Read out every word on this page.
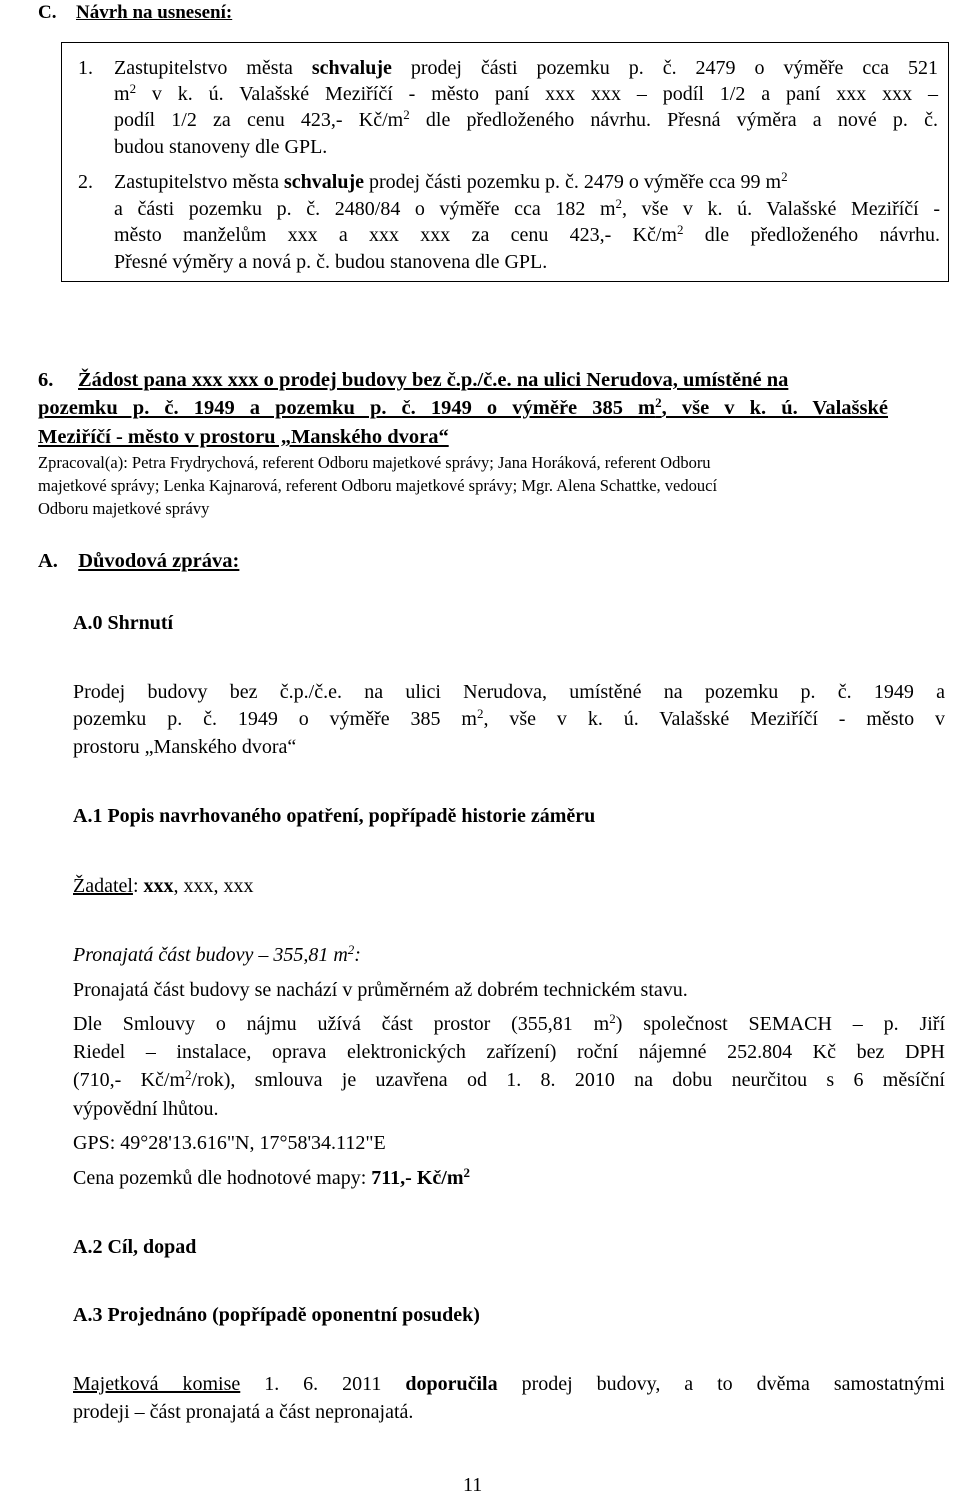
C. Návrh na usnesení:
1. Zastupitelstvo města schvaluje prodej části pozemku p. č. 2479 o výměře cca 521
$m^2$ v k. ú. Valašské Meziříčí - město paní xxx xxx – podíl 1/2 a paní xxx xxx –
podíl 1/2 za cenu 423,- $Kč/m^2$ dle předloženého návrhu. Přesná výměra a nové p. č.
budou stanoveny dle GPL.
2. Zastupitelstvo města schvaluje prodej části pozemku p. č. 2479 o výměře cca 99 $m^2$
a části pozemku p. č. 2480/84 o výměře cca 182 $m^2$, vše v k. ú. Valašské Meziříčí -
město manželům xxx a xxx xxx za cenu 423,- $Kč/m^2$ dle předloženého návrhu.
Přesné výměry a nová p. č. budou stanovena dle GPL.
6. Žádost pana xxx xxx o prodej budovy bez č.p./č.e. na ulici Nerudova, umístěné na
pozemku p. č. 1949 a pozemku p. č. 1949 o výměře 385 $m^2$, vše v k. ú. Valašské
Meziříčí - město v prostoru „Manského dvora“
Zpracoval(a): Petra Frydrychová, referent Odboru majetkové správy; Jana Horáková, referent Odboru
majetkové správy; Lenka Kajnarová, referent Odboru majetkové správy; Mgr. Alena Schattke, vedoucí
Odboru majetkové správy
A. Důvodová zpráva:
A.0 Shrnutí
Prodej budovy bez č.p./č.e. na ulici Nerudova, umístěné na pozemku p. č. 1949 a
pozemku p. č. 1949 o výměře 385 $m^2$, vše v k. ú. Valašské Meziříčí - město v
prostoru „Manského dvora“
A.1 Popis navrhovaného opatření, popřípadě historie záměru
Žadatel: xxx, xxx, xxx
Pronajatá část budovy – 355,81 $m^2$:
Pronajatá část budovy se nachází v průměrném až dobrém technickém stavu.
Dle Smlouvy o nájmu užívá část prostor (355,81 $m^2$) společnost SEMACH – p. Jiří
Riedel – instalace, oprava elektronických zařízení) roční nájemné 252.804 Kč bez DPH
(710,- $Kč/m^2/rok$), smlouva je uzavřena od 1. 8. 2010 na dobu neurčitou s 6 měsíční
výpovědní lhůtou.
GPS: 49°28'13.616"N, 17°58'34.112"E
Cena pozemků dle hodnotové mapy: 711,- $Kč/m^2$
A.2 Cíl, dopad
A.3 Projednáno (popřípadě oponentní posudek)
Majetková komise 1. 6. 2011 doporučila prodej budovy, a to dvěma samostatnými
prodeji – část pronajatá a část nepronajatá.
11
